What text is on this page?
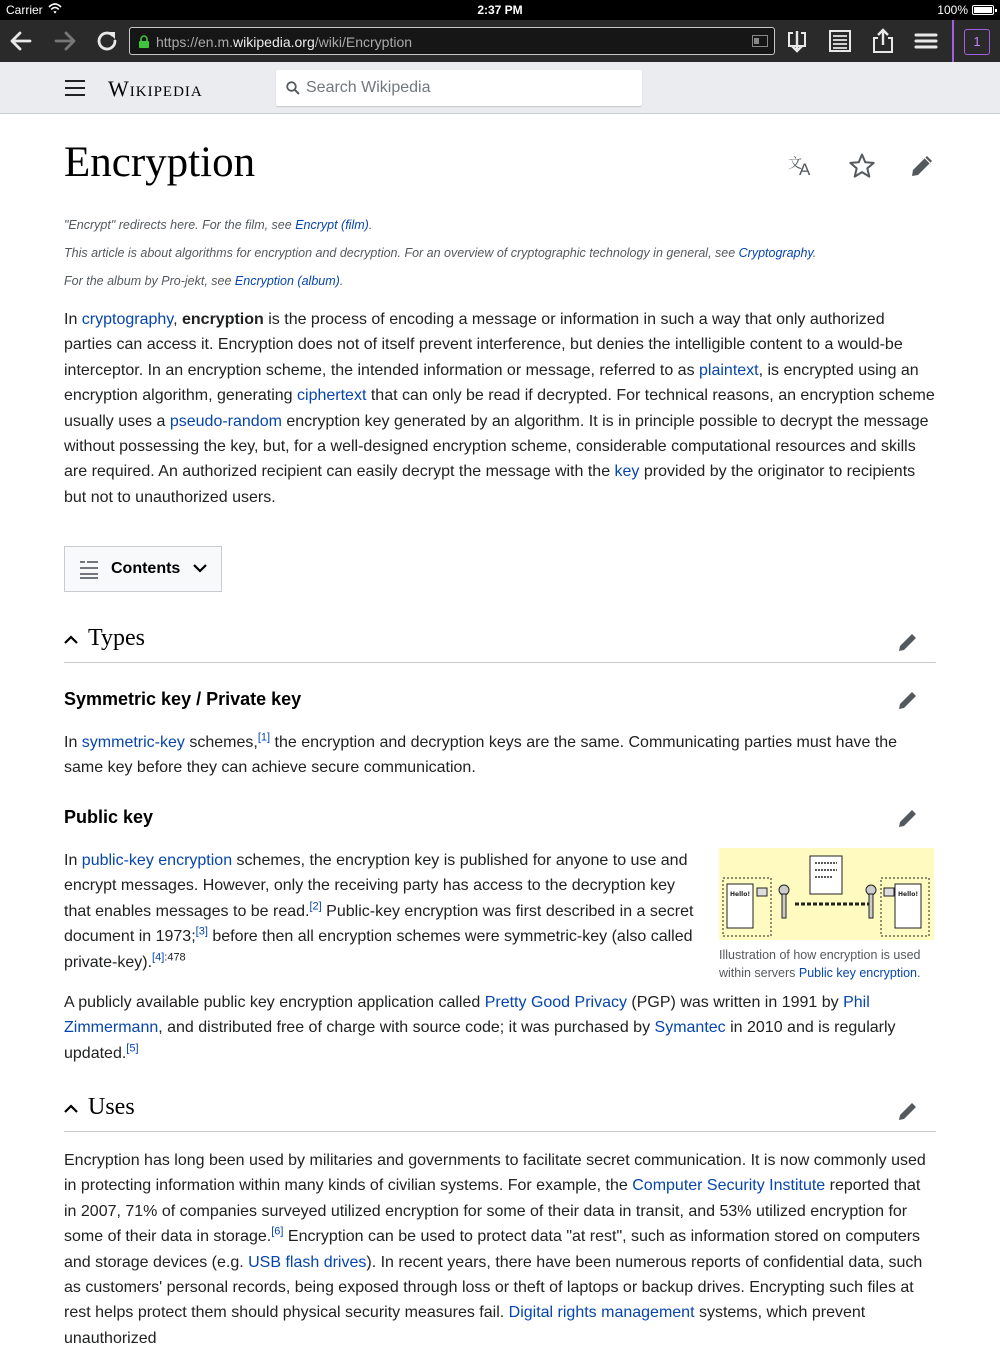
Carrier	2:37 PM	100%
https://en.m.wikipedia.org/wiki/Encryption	1
Wikipedia
Search Wikipedia
Encryption	文
A
"Encrypt" redirects here. For the film, see Encrypt (film).
This article is about algorithms for encryption and decryption. For an overview of cryptographic technology in general, see Cryptography.
For the album by Pro-jekt, see Encryption (album).

In cryptography, encryption is the process of encoding a message or information in such a way that only authorized parties can access it. Encryption does not of itself prevent interference, but denies the intelligible content to a would-be interceptor. In an encryption scheme, the intended information or message, referred to as plaintext, is encrypted using an encryption algorithm, generating ciphertext that can only be read if decrypted. For technical reasons, an encryption scheme usually uses a pseudo-random encryption key generated by an algorithm. It is in principle possible to decrypt the message without possessing the key, but, for a well-designed encryption scheme, considerable computational resources and skills are required. An authorized recipient can easily decrypt the message with the key provided by the originator to recipients but not to unauthorized users.

Contents
Types
Symmetric key / Private key

In symmetric-key schemes,[1] the encryption and decryption keys are the same. Communicating parties must have the same key before they can achieve secure communication.

Public key

In public-key encryption schemes, the encryption key is published for anyone to use and encrypt messages. However, only the receiving party has access to the decryption key that enables messages to be read.[2] Public-key encryption was first described in a secret document in 1973;[3] before then all encryption schemes were symmetric-key (also called private-key).$^{[4]:478}$

Hello!	Hello!
Illustration of how encryption is used within servers Public key encryption.

A publicly available public key encryption application called Pretty Good Privacy (PGP) was written in 1991 by Phil Zimmermann, and distributed free of charge with source code; it was purchased by Symantec in 2010 and is regularly updated.[5]

Uses

Encryption has long been used by militaries and governments to facilitate secret communication. It is now commonly used in protecting information within many kinds of civilian systems. For example, the Computer Security Institute reported that in 2007, 71% of companies surveyed utilized encryption for some of their data in transit, and 53% utilized encryption for some of their data in storage.[6] Encryption can be used to protect data "at rest", such as information stored on computers and storage devices (e.g. USB flash drives). In recent years, there have been numerous reports of confidential data, such as customers' personal records, being exposed through loss or theft of laptops or backup drives. Encrypting such files at rest helps protect them should physical security measures fail. Digital rights management systems, which prevent unauthorized
